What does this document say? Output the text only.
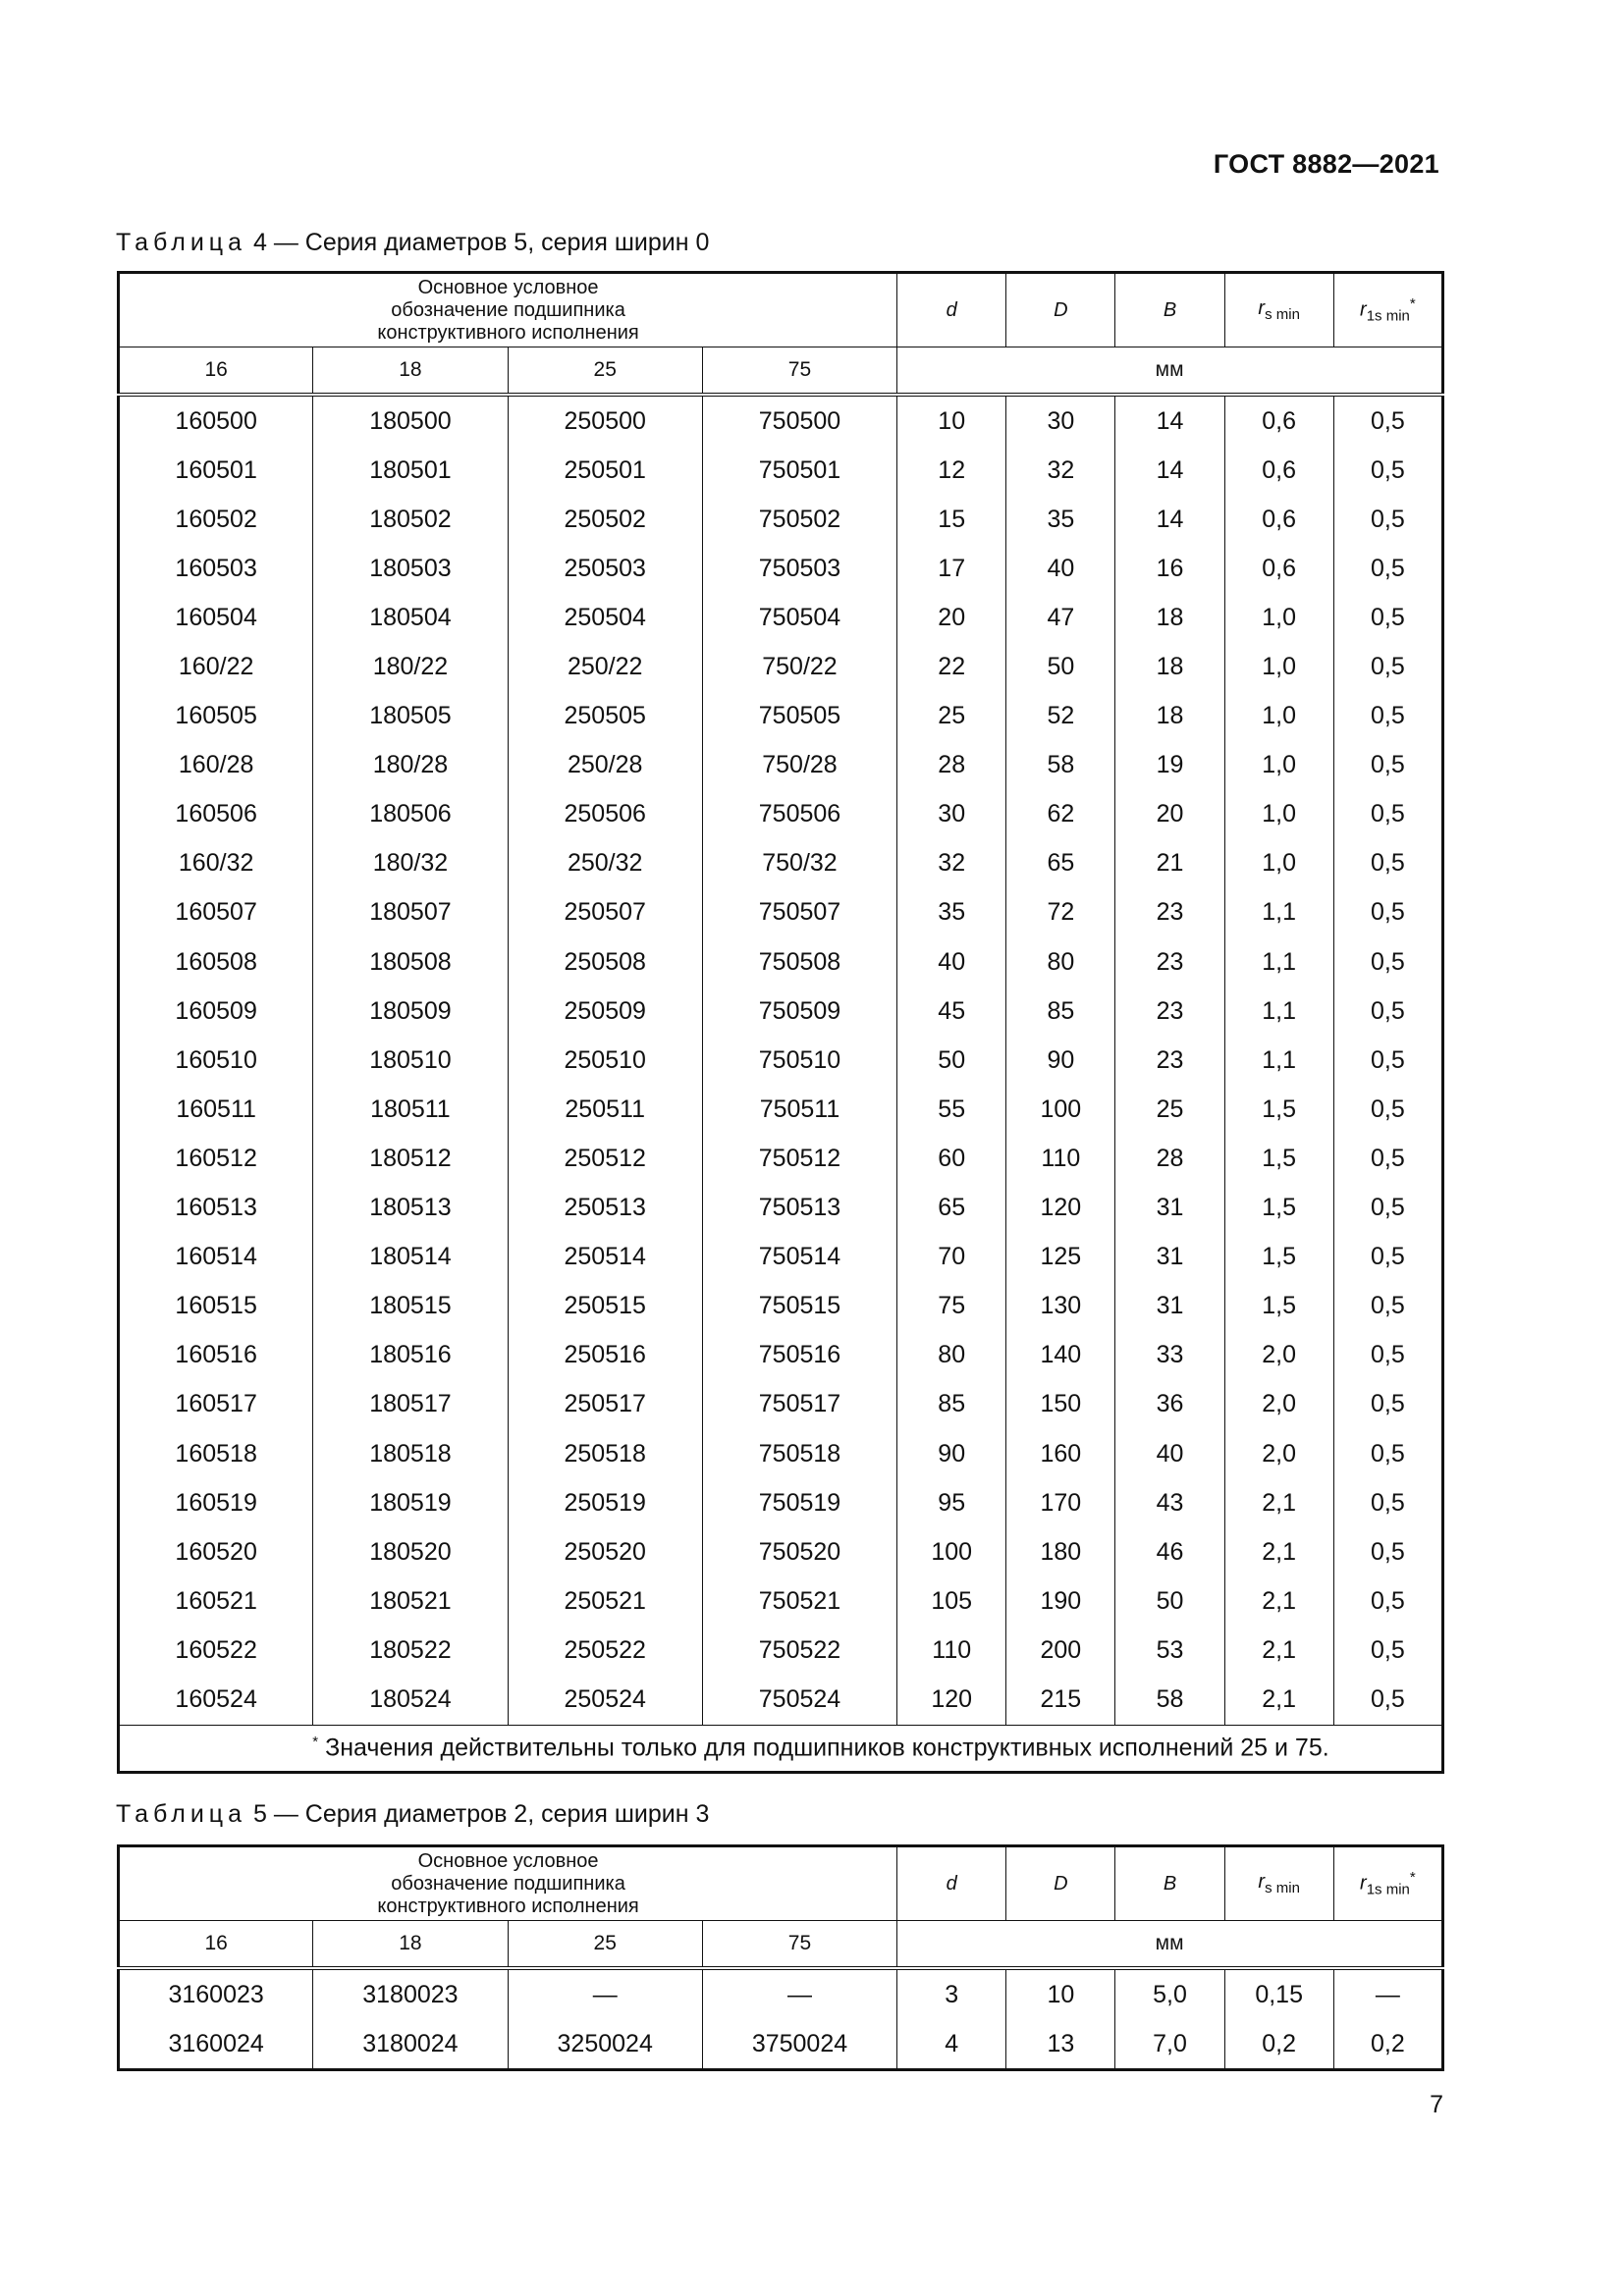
ГОСТ 8882—2021
Таблица 4 — Серия диаметров 5, серия ширин 0
Основное условное обозначение подшипника конструктивного исполнения				d	D	B	$r_{s min}$	$r_{1s min}^*$
16	18	25	75	мм				
160500	180500	250500	750500	10	30	14	0,6	0,5
160501	180501	250501	750501	12	32	14	0,6	0,5
160502	180502	250502	750502	15	35	14	0,6	0,5
160503	180503	250503	750503	17	40	16	0,6	0,5
160504	180504	250504	750504	20	47	18	1,0	0,5
160/22	180/22	250/22	750/22	22	50	18	1,0	0,5
160505	180505	250505	750505	25	52	18	1,0	0,5
160/28	180/28	250/28	750/28	28	58	19	1,0	0,5
160506	180506	250506	750506	30	62	20	1,0	0,5
160/32	180/32	250/32	750/32	32	65	21	1,0	0,5
160507	180507	250507	750507	35	72	23	1,1	0,5
160508	180508	250508	750508	40	80	23	1,1	0,5
160509	180509	250509	750509	45	85	23	1,1	0,5
160510	180510	250510	750510	50	90	23	1,1	0,5
160511	180511	250511	750511	55	100	25	1,5	0,5
160512	180512	250512	750512	60	110	28	1,5	0,5
160513	180513	250513	750513	65	120	31	1,5	0,5
160514	180514	250514	750514	70	125	31	1,5	0,5
160515	180515	250515	750515	75	130	31	1,5	0,5
160516	180516	250516	750516	80	140	33	2,0	0,5
160517	180517	250517	750517	85	150	36	2,0	0,5
160518	180518	250518	750518	90	160	40	2,0	0,5
160519	180519	250519	750519	95	170	43	2,1	0,5
160520	180520	250520	750520	100	180	46	2,1	0,5
160521	180521	250521	750521	105	190	50	2,1	0,5
160522	180522	250522	750522	110	200	53	2,1	0,5
160524	180524	250524	750524	120	215	58	2,1	0,5
* Значения действительны только для подшипников конструктивных исполнений 25 и 75.								
Таблица 5 — Серия диаметров 2, серия ширин 3
Основное условное обозначение подшипника конструктивного исполнения				d	D	B	$r_{s min}$	$r_{1s min}^*$
16	18	25	75	мм				
3160023	3180023	—	—	3	10	5,0	0,15	—
3160024	3180024	3250024	3750024	4	13	7,0	0,2	0,2
7
